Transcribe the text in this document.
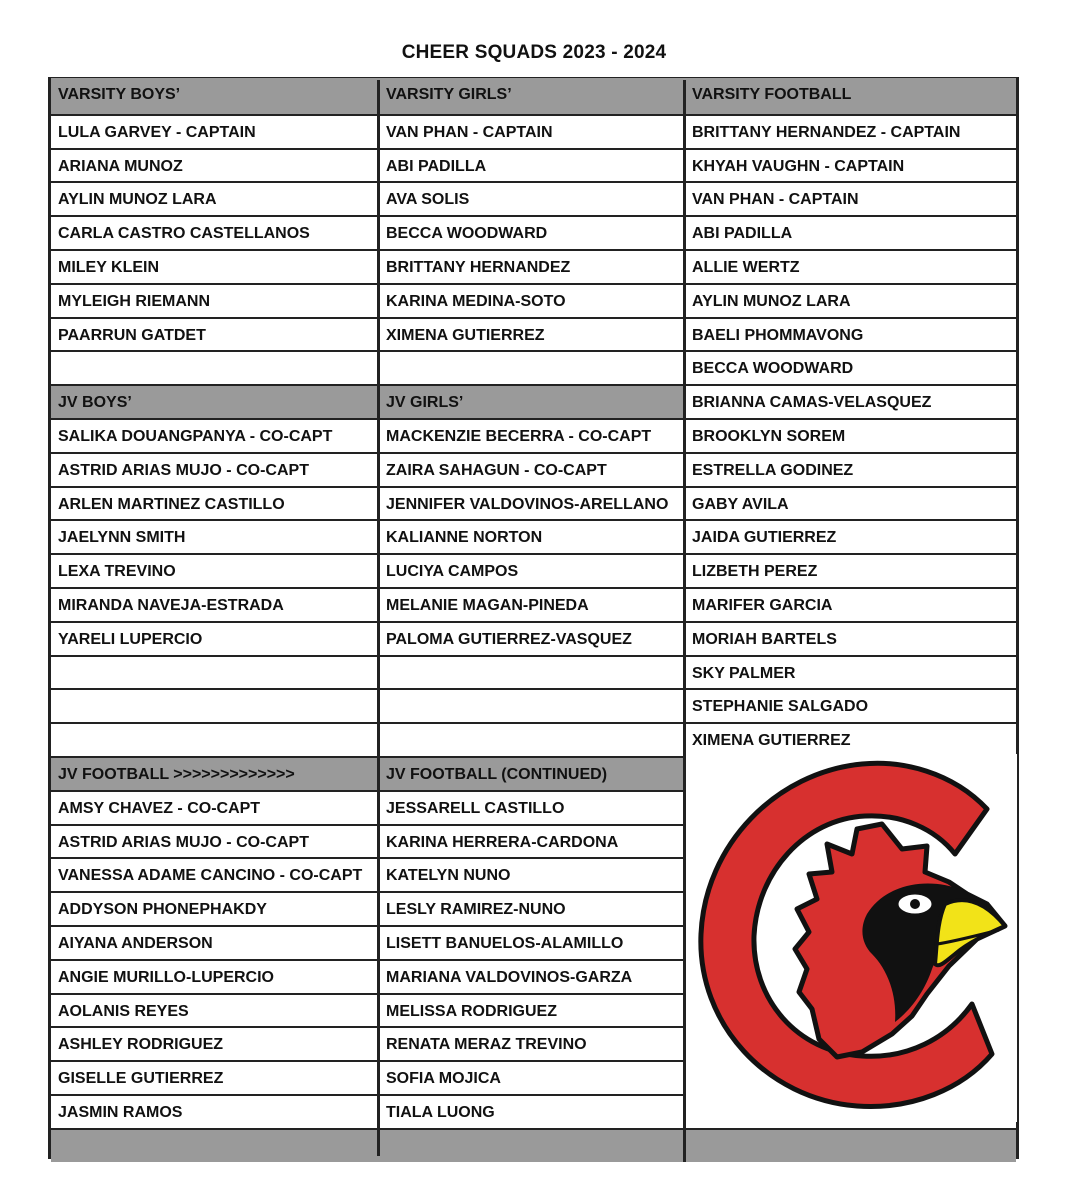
CHEER SQUADS 2023 - 2024
VARSITY BOYS’
LULA GARVEY - CAPTAIN
ARIANA MUNOZ
AYLIN MUNOZ LARA
CARLA CASTRO CASTELLANOS
MILEY KLEIN
MYLEIGH RIEMANN
PAARRUN GATDET
JV BOYS’
SALIKA DOUANGPANYA - CO-CAPT
ASTRID ARIAS MUJO - CO-CAPT
ARLEN MARTINEZ CASTILLO
JAELYNN SMITH
LEXA TREVINO
MIRANDA NAVEJA-ESTRADA
YARELI LUPERCIO
JV FOOTBALL >>>>>>>>>>>>>
AMSY CHAVEZ - CO-CAPT
ASTRID ARIAS MUJO - CO-CAPT
VANESSA ADAME CANCINO - CO-CAPT
ADDYSON PHONEPHAKDY
AIYANA ANDERSON
ANGIE MURILLO-LUPERCIO
AOLANIS REYES
ASHLEY RODRIGUEZ
GISELLE GUTIERREZ
JASMIN RAMOS
VARSITY GIRLS’
VAN PHAN - CAPTAIN
ABI PADILLA
AVA SOLIS
BECCA WOODWARD
BRITTANY HERNANDEZ
KARINA MEDINA-SOTO
XIMENA GUTIERREZ
JV GIRLS’
MACKENZIE BECERRA - CO-CAPT
ZAIRA SAHAGUN - CO-CAPT
JENNIFER VALDOVINOS-ARELLANO
KALIANNE NORTON
LUCIYA CAMPOS
MELANIE MAGAN-PINEDA
PALOMA GUTIERREZ-VASQUEZ
JV FOOTBALL (CONTINUED)
JESSARELL CASTILLO
KARINA HERRERA-CARDONA
KATELYN NUNO
LESLY RAMIREZ-NUNO
LISETT BANUELOS-ALAMILLO
MARIANA VALDOVINOS-GARZA
MELISSA RODRIGUEZ
RENATA MERAZ TREVINO
SOFIA MOJICA
TIALA LUONG
VARSITY FOOTBALL
BRITTANY HERNANDEZ - CAPTAIN
KHYAH VAUGHN - CAPTAIN
VAN PHAN - CAPTAIN
ABI PADILLA
ALLIE WERTZ
AYLIN MUNOZ LARA
BAELI PHOMMAVONG
BECCA WOODWARD
BRIANNA CAMAS-VELASQUEZ
BROOKLYN SOREM
ESTRELLA GODINEZ
GABY AVILA
JAIDA GUTIERREZ
LIZBETH PEREZ
MARIFER GARCIA
MORIAH BARTELS
SKY PALMER
STEPHANIE SALGADO
XIMENA GUTIERREZ
